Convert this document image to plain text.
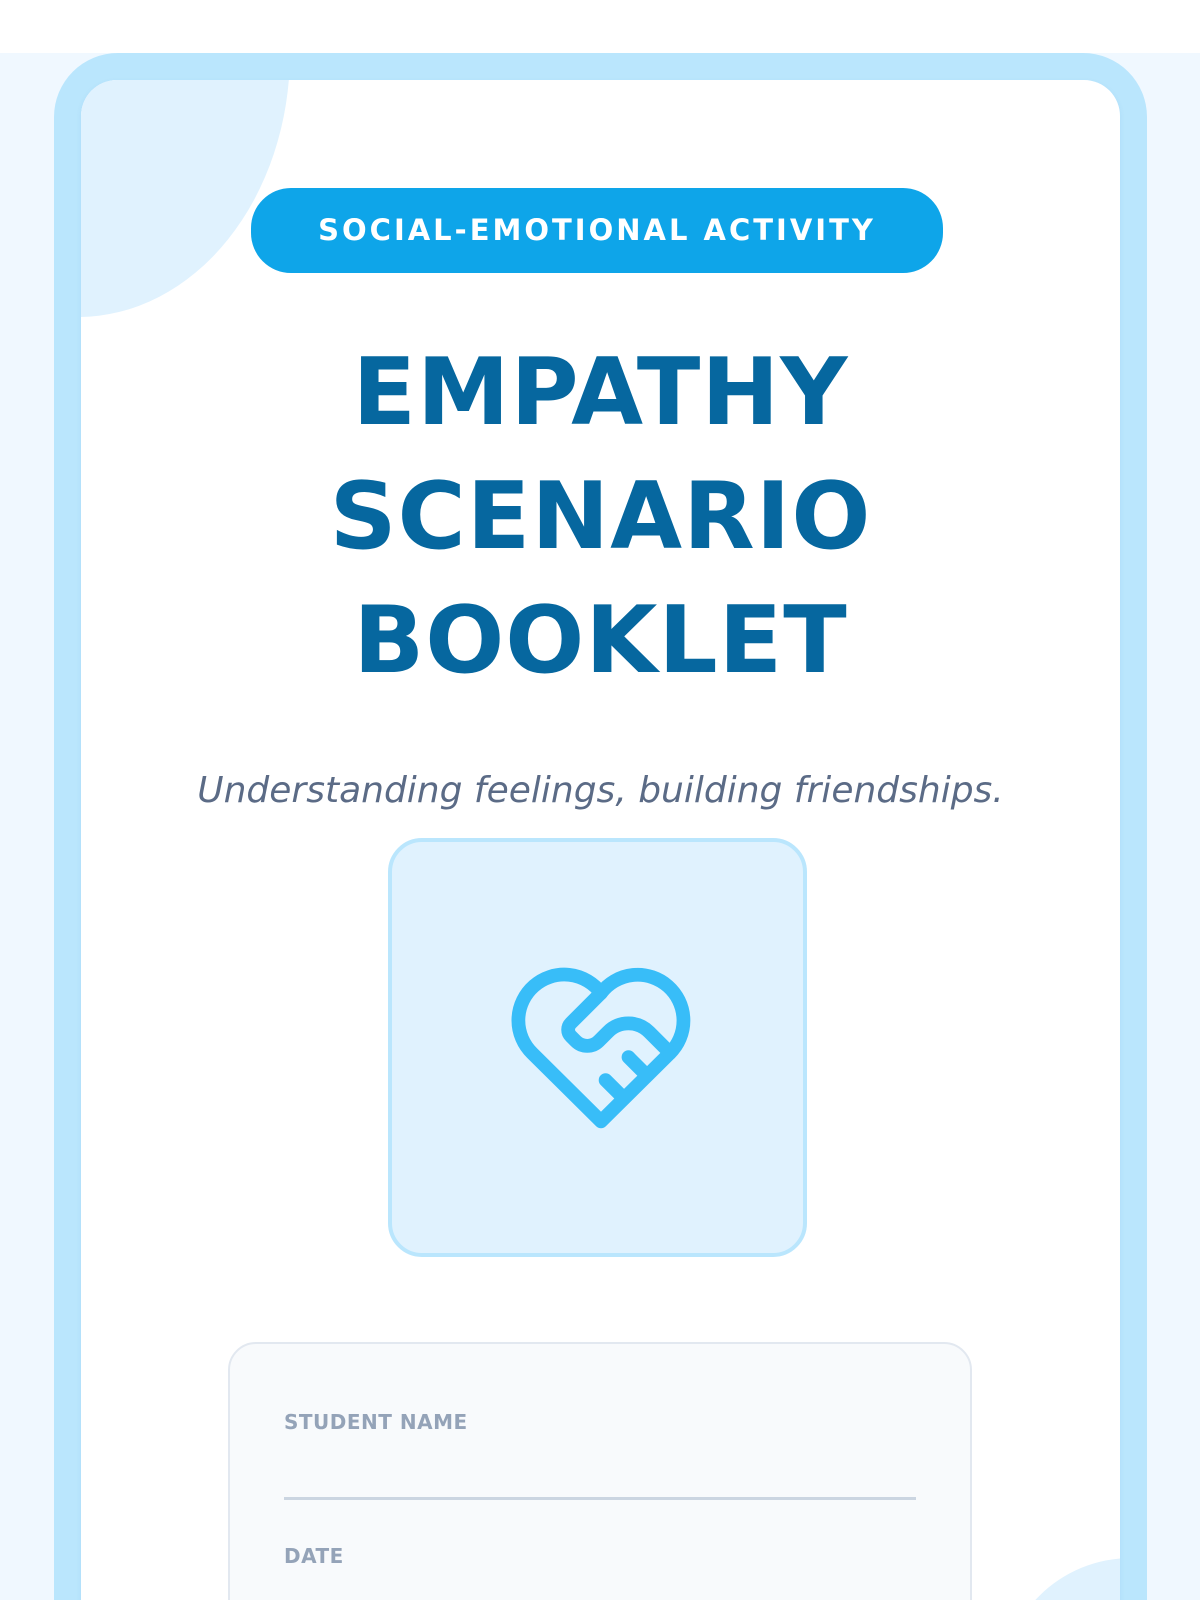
SOCIAL-EMOTIONAL ACTIVITY
EMPATHY
SCENARIO
BOOKLET
Understanding feelings, building friendships.
STUDENT NAME
DATE
